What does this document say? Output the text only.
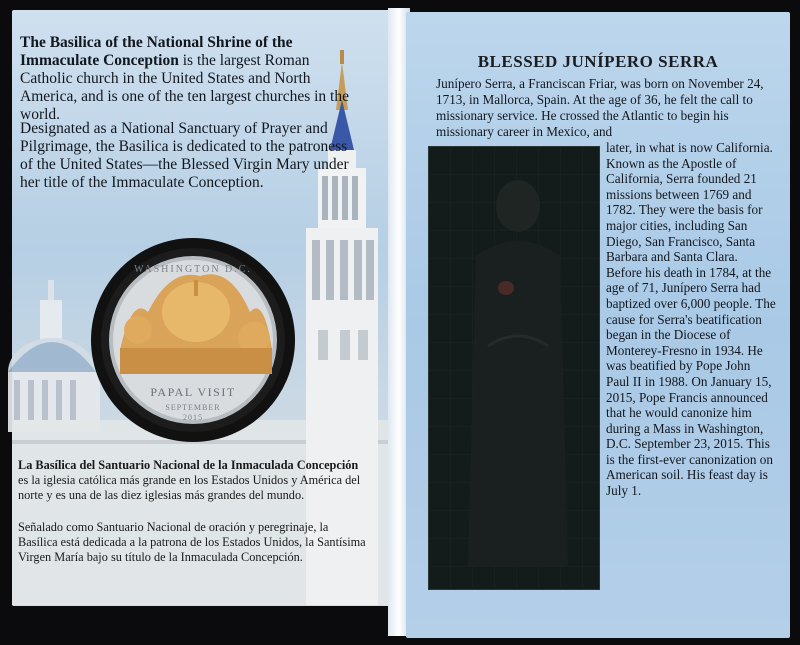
WASHINGTON D.C.
PAPAL VISIT
SEPTEMBER
2015

The Basilica of the National Shrine of the Immaculate Conception is the largest Roman Catholic church in the United States and North America, and is one of the ten largest churches in the world.

Designated as a National Sanctuary of Prayer and Pilgrimage, the Basilica is dedicated to the patroness of the United States—the Blessed Virgin Mary under her title of the Immaculate Conception.

La Basílica del Santuario Nacional de la Inmaculada Concepción es la iglesia católica más grande en los Estados Unidos y América del norte y es una de las diez iglesias más grandes del mundo.

Señalado como Santuario Nacional de oración y peregrinaje, la Basílica está dedicada a la patrona de los Estados Unidos, la Santísima Virgen María bajo su título de la Inmaculada Concepción.

BLESSED JUNÍPERO SERRA

Junípero Serra, a Franciscan Friar, was born on November 24, 1713, in Mallorca, Spain. At the age of 36, he felt the call to missionary service. He crossed the Atlantic to begin his missionary career in Mexico, and

later, in what is now California. Known as the Apostle of California, Serra founded 21 missions between 1769 and 1782. They were the basis for major cities, including San Diego, San Francisco, Santa Barbara and Santa Clara. Before his death in 1784, at the age of 71, Junípero Serra had baptized over 6,000 people. The cause for Serra's beatification began in the Diocese of Monterey-Fresno in 1934. He was beatified by Pope John Paul II in 1988. On January 15, 2015, Pope Francis announced that he would canonize him during a Mass in Washington, D.C. September 23, 2015. This is the first-ever canonization on American soil. His feast day is July 1.
